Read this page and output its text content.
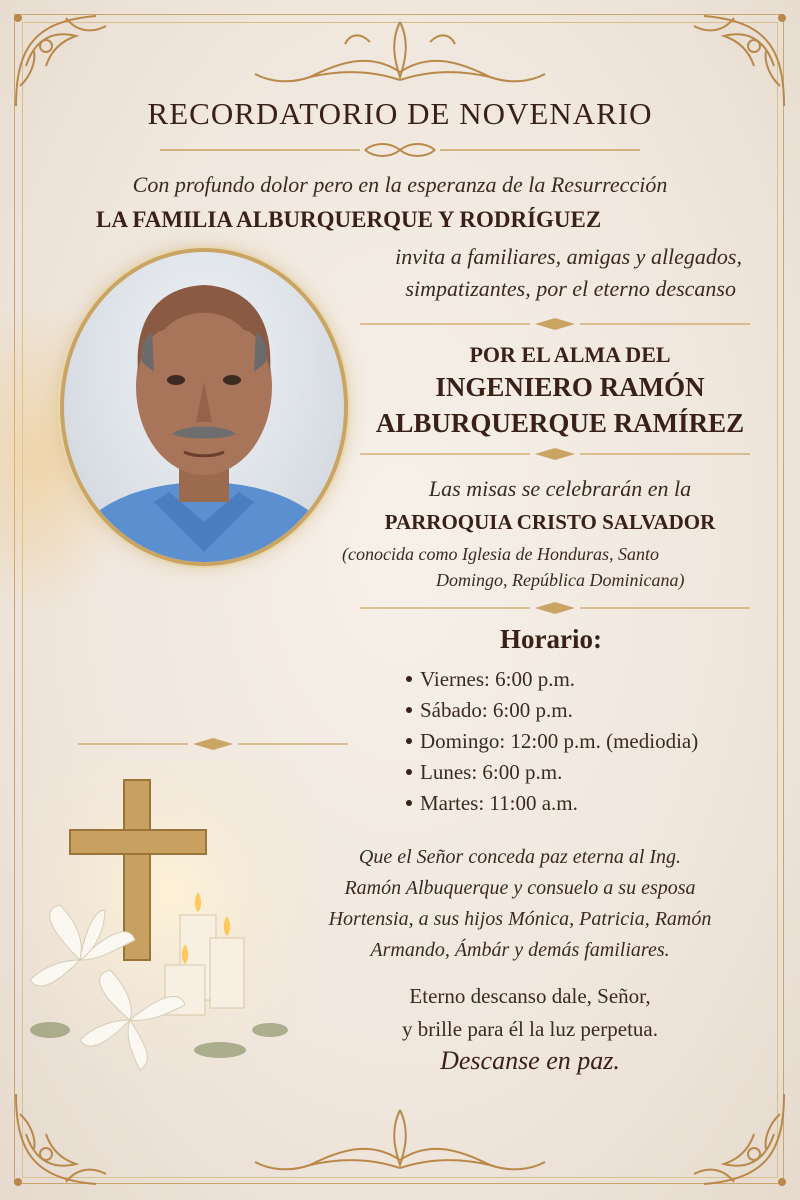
RECORDATORIO DE NOVENARIO
Con profundo dolor pero en la esperanza de la Resurrección
LA FAMILIA ALBURQUERQUE Y RODRÍGUEZ
invita a familiares, amigas y allegados,
simpatizantes, por el eterno descanso
POR EL ALMA DEL
INGENIERO RAMÓN
ALBURQUERQUE RAMÍREZ
Las misas se celebrarán en la
PARROQUIA CRISTO SALVADOR
(conocida como Iglesia de Honduras, Santo
Domingo, República Dominicana)
Horario:
Viernes: 6:00 p.m.
Sábado: 6:00 p.m.
Domingo: 12:00 p.m. (mediodia)
Lunes: 6:00 p.m.
Martes: 11:00 a.m.
Que el Señor conceda paz eterna al Ing.
Ramón Albuquerque y consuelo a su esposa
Hortensia, a sus hijos Mónica, Patricia, Ramón
Armando, Ámbár y demás familiares.
Eterno descanso dale, Señor,
y brille para él la luz perpetua.
Descanse en paz.
